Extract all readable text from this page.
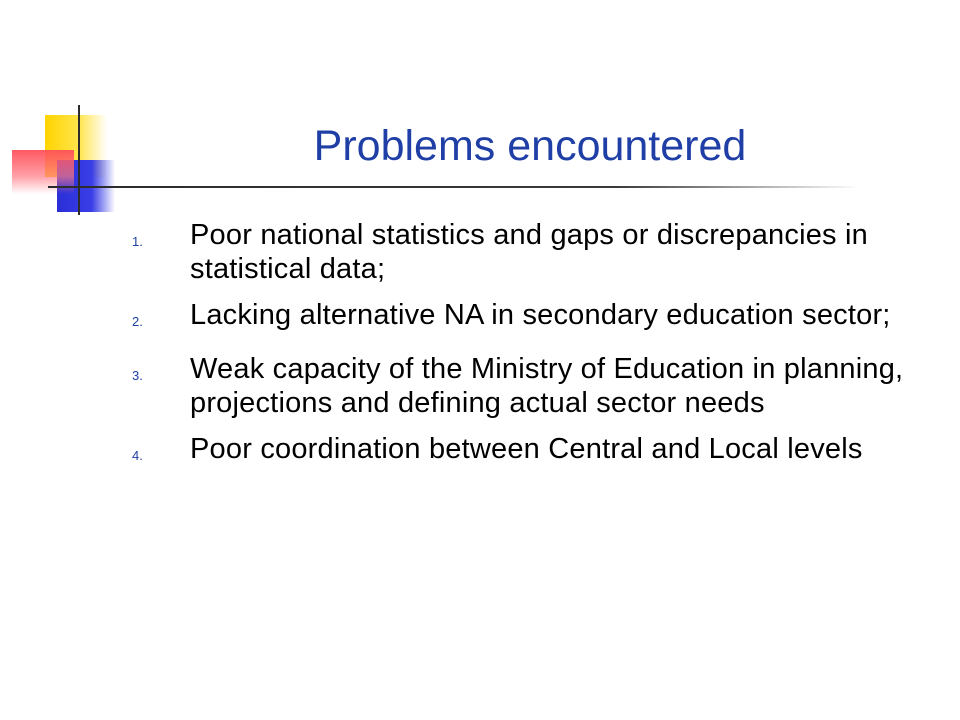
Problems encountered
1.	Poor national statistics and gaps or discrepancies in statistical data;
2.	Lacking alternative NA in secondary education sector;
3.	Weak capacity of the Ministry of Education in planning, projections and defining actual sector needs
4.	Poor coordination between Central and Local levels
